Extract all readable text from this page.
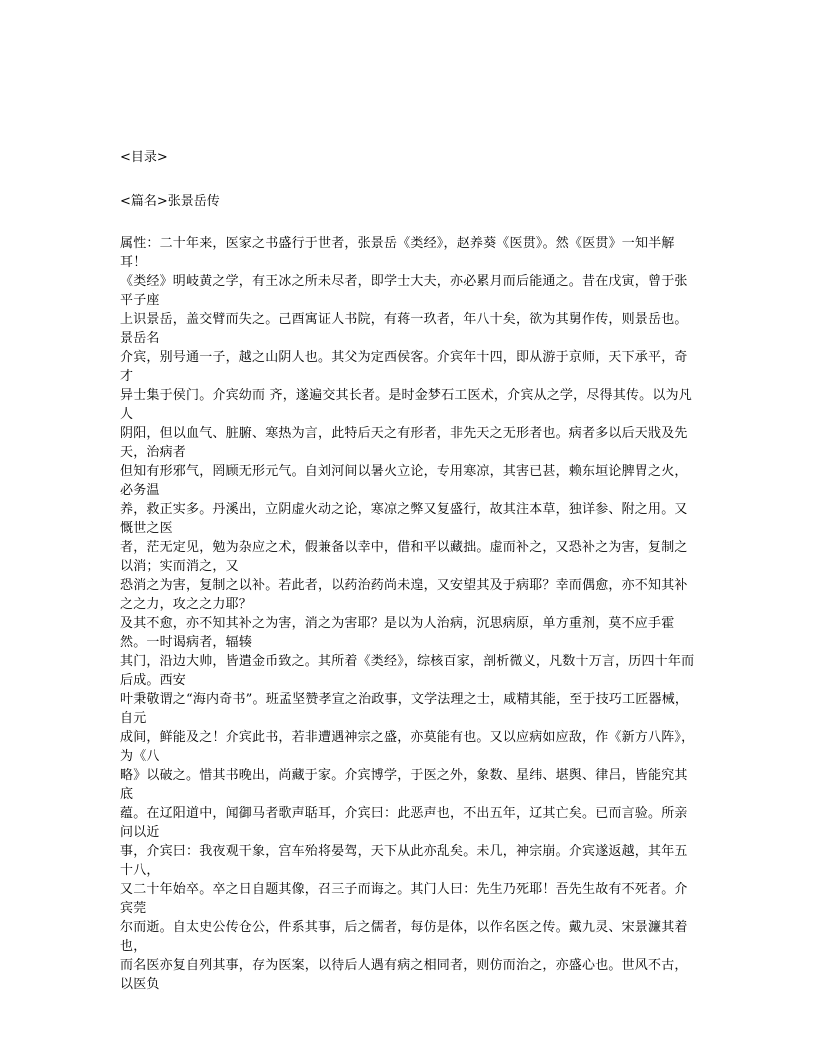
<目录>

<篇名>张景岳传

属性：二十年来，医家之书盛行于世者，张景岳《类经》，赵养葵《医贯》。然《医贯》一知半解耳！

《类经》明岐黄之学，有王冰之所未尽者，即学士大夫，亦必累月而后能通之。昔在戊寅，曾于张平子座

上识景岳，盖交臂而失之。己酉寓证人书院，有蒋一玖者，年八十矣，欲为其舅作传，则景岳也。景岳名

介宾，别号通一子，越之山阴人也。其父为定西侯客。介宾年十四，即从游于京师，天下承平，奇才

异士集于侯门。介宾幼而 齐，遂遍交其长者。是时金梦石工医术，介宾从之学，尽得其传。以为凡人

阴阳，但以血气、脏腑、寒热为言，此特后天之有形者，非先天之无形者也。病者多以后天戕及先天，治病者

但知有形邪气，罔顾无形元气。自刘河间以暑火立论，专用寒凉，其害已甚，赖东垣论脾胃之火，必务温

养，救正实多。丹溪出，立阴虚火动之论，寒凉之弊又复盛行，故其注本草，独详参、附之用。又慨世之医

者，茫无定见，勉为杂应之术，假兼备以幸中，借和平以藏拙。虚而补之，又恐补之为害，复制之以消；实而消之，又

恐消之为害，复制之以补。若此者，以药治药尚未遑，又安望其及于病耶？幸而偶愈，亦不知其补之之力，攻之之力耶？

及其不愈，亦不知其补之为害，消之为害耶？是以为人治病，沉思病原，单方重剂，莫不应手霍然。一时谒病者，辐辏

其门，沿边大帅，皆遣金币致之。其所着《类经》，综核百家，剖析微义，凡数十万言，历四十年而后成。西安

叶秉敬谓之“海内奇书”。班孟坚赞孝宣之治政事，文学法理之士，咸精其能，至于技巧工匠器械，自元

成间，鲜能及之！介宾此书，若非遭遇神宗之盛，亦莫能有也。又以应病如应敌，作《新方八阵》，为《八

略》以破之。惜其书晚出，尚藏于家。介宾博学，于医之外，象数、星纬、堪舆、律吕，皆能究其底

蕴。在辽阳道中，闻御马者歌声聒耳，介宾曰：此恶声也，不出五年，辽其亡矣。已而言验。所亲问以近

事，介宾曰：我夜观干象，宫车殆将晏驾，天下从此亦乱矣。未几，神宗崩。介宾遂返越，其年五十八，

又二十年始卒。卒之日自题其像，召三子而诲之。其门人曰：先生乃死耶！吾先生故有不死者。介宾莞

尔而逝。自太史公传仓公，件系其事，后之儒者，每仿是体，以作名医之传。戴九灵、宋景濂其着也，

而名医亦复自列其事，存为医案，以待后人遇有病之相同者，则仿而治之，亦盛心也。世风不古，以医负
